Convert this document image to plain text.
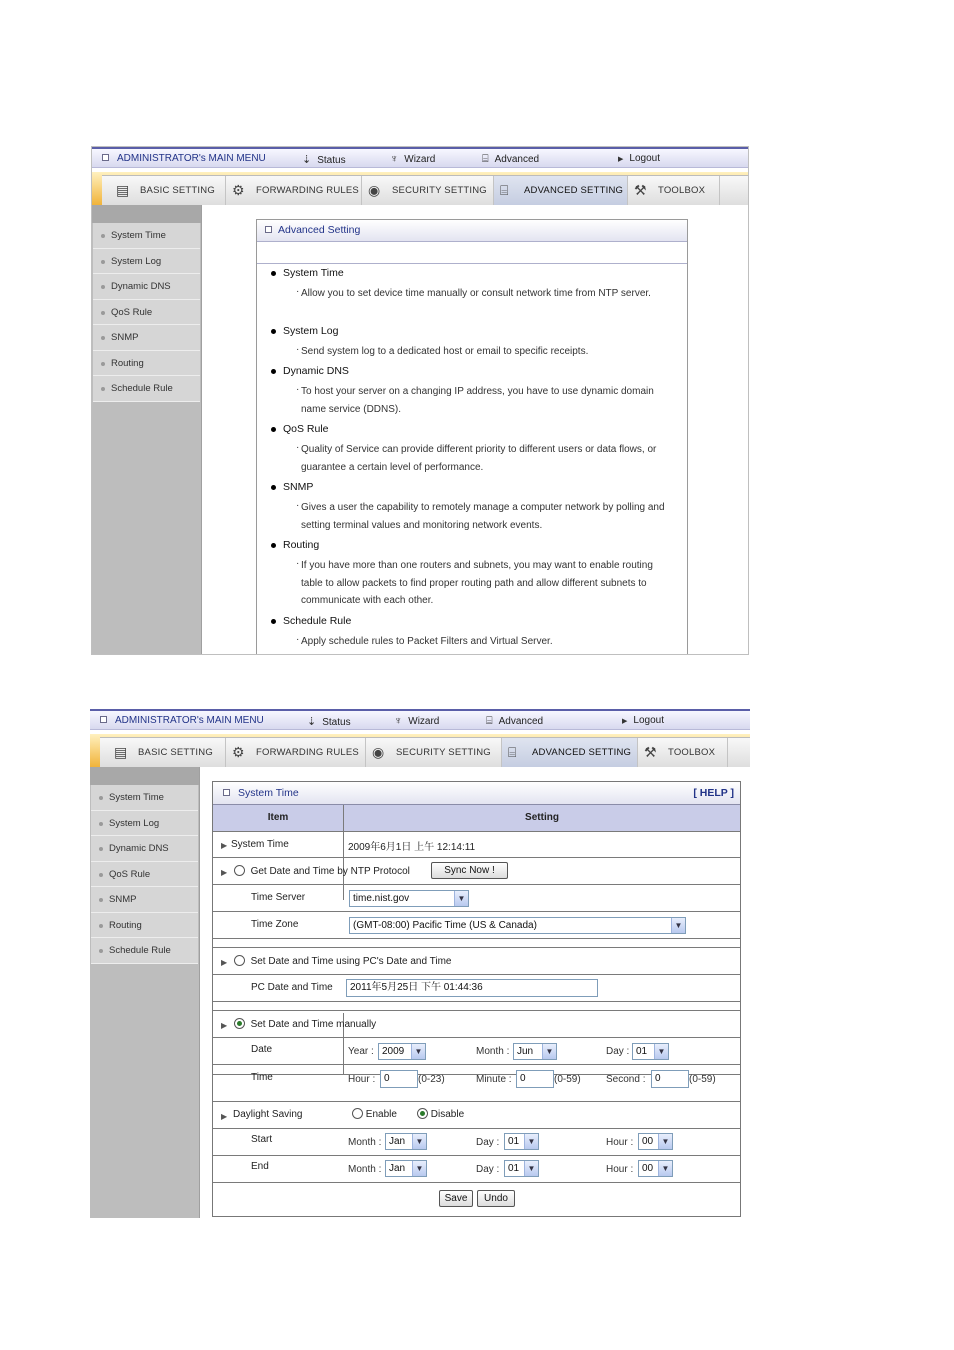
ADMINISTRATOR's MAIN MENU	⇣ Status	♆ Wizard	⌸ Advanced	▶ Logout
▤	BASIC SETTING ⚙	FORWARDING RULES ◉	SECURITY SETTING ⌸	ADVANCED SETTING ⚒	TOOLBOX
System Time
System Log
Dynamic DNS
QoS Rule
SNMP
Routing
Schedule Rule
Advanced Setting
System Time
· Allow you to set device time manually or consult network time from NTP server.
System Log
· Send system log to a dedicated host or email to specific receipts.
Dynamic DNS
· To host your server on a changing IP address, you have to use dynamic domain name service (DDNS).
QoS Rule
· Quality of Service can provide different priority to different users or data flows, or guarantee a certain level of performance.
SNMP
· Gives a user the capability to remotely manage a computer network by polling and setting terminal values and monitoring network events.
Routing
· If you have more than one routers and subnets, you may want to enable routing table to allow packets to find proper routing path and allow different subnets to communicate with each other.
Schedule Rule
· Apply schedule rules to Packet Filters and Virtual Server.
ADMINISTRATOR's MAIN MENU	⇣ Status	♆ Wizard	⌸ Advanced	▶ Logout
▤	BASIC SETTING ⚙	FORWARDING RULES ◉	SECURITY SETTING ⌸	ADVANCED SETTING ⚒	TOOLBOX
System Time
System Log
Dynamic DNS
QoS Rule
SNMP
Routing
Schedule Rule
System Time	[ HELP ]
Item	Setting
▶ System Time	2009年6月1日 上午 12:14:11
▶	Get Date and Time by NTP Protocol	Sync Now !
Time Server	time.nist.gov	▼
Time Zone	(GMT-08:00) Pacific Time (US & Canada)	▼
▶	Set Date and Time using PC's Date and Time
PC Date and Time	2011年5月25日 下午 01:44:36
▶	Set Date and Time manually
Date	Year : 2009	▼	Month : Jun	▼	Day : 01	▼
Time	Hour : 0	(0-23)	Minute : 0	(0-59)	Second : 0	(0-59)
▶ Daylight Saving	Enable	Disable
Start	Month : Jan	▼	Day : 01	▼	Hour : 00	▼
End	Month : Jan	▼	Day : 01	▼	Hour : 00	▼
Save	Undo
